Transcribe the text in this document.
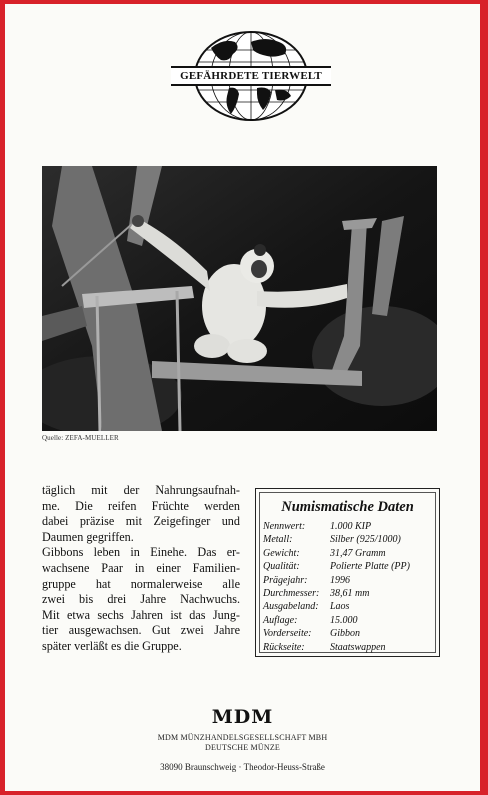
GEFÄHRDETE TIERWELT
Quelle: ZEFA-MUELLER
täglich mit der Nahrungsaufnah-
me. Die reifen Früchte werden
dabei präzise mit Zeigefinger und
Daumen gegriffen.
Gibbons leben in Einehe. Das er-
wachsene Paar in einer Familien-
gruppe hat normalerweise alle
zwei bis drei Jahre Nachwuchs.
Mit etwa sechs Jahren ist das Jung-
tier ausgewachsen. Gut zwei Jahre
später verläßt es die Gruppe.
Numismatische Daten
Nennwert:	1.000 KIP
Metall:	Silber (925/1000)
Gewicht:	31,47 Gramm
Qualität:	Polierte Platte (PP)
Prägejahr:	1996
Durchmesser:	38,61 mm
Ausgabeland:	Laos
Auflage:	15.000
Vorderseite:	Gibbon
Rückseite:	Staatswappen
MDM
MDM MÜNZHANDELSGESELLSCHAFT MBH
DEUTSCHE MÜNZE
38090 Braunschweig · Theodor-Heuss-Straße
